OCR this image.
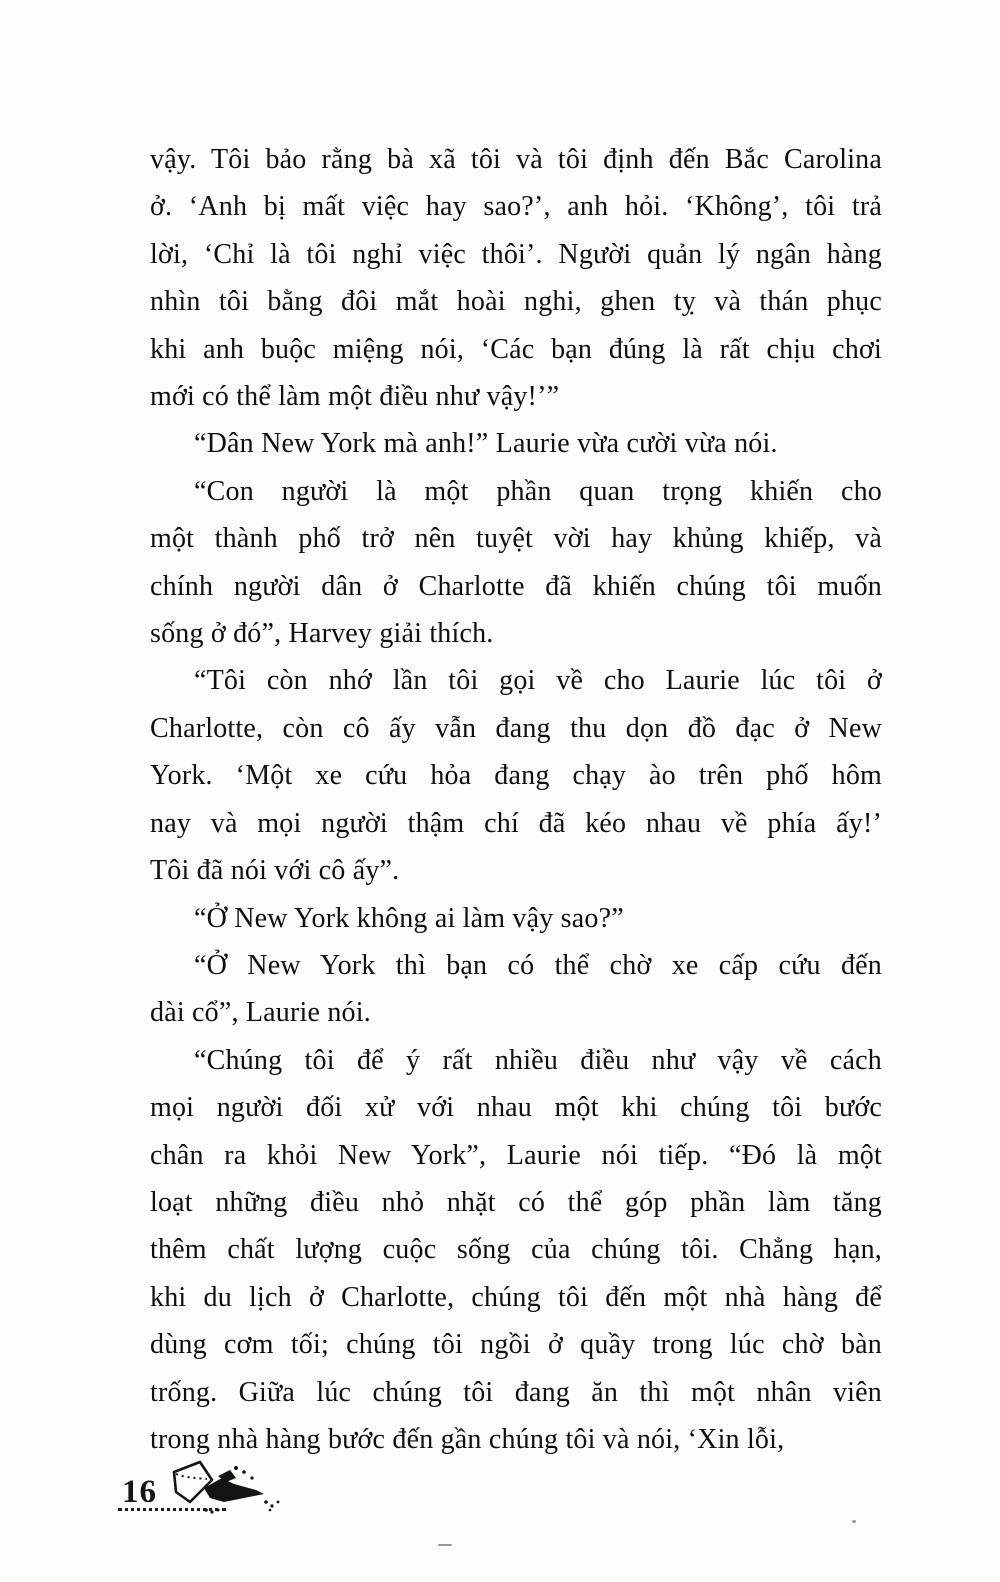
vậy. Tôi bảo rằng bà xã tôi và tôi định đến Bắc Carolina
ở. ‘Anh bị mất việc hay sao?’, anh hỏi. ‘Không’, tôi trả
lời, ‘Chỉ là tôi nghỉ việc thôi’. Người quản lý ngân hàng
nhìn tôi bằng đôi mắt hoài nghi, ghen tỵ và thán phục
khi anh buộc miệng nói, ‘Các bạn đúng là rất chịu chơi
mới có thể làm một điều như vậy!’”
“Dân New York mà anh!” Laurie vừa cười vừa nói.
“Con người là một phần quan trọng khiến cho
một thành phố trở nên tuyệt vời hay khủng khiếp, và
chính người dân ở Charlotte đã khiến chúng tôi muốn
sống ở đó”, Harvey giải thích.
“Tôi còn nhớ lần tôi gọi về cho Laurie lúc tôi ở
Charlotte, còn cô ấy vẫn đang thu dọn đồ đạc ở New
York. ‘Một xe cứu hỏa đang chạy ào trên phố hôm
nay và mọi người thậm chí đã kéo nhau về phía ấy!’
Tôi đã nói với cô ấy”.
“Ở New York không ai làm vậy sao?”
“Ở New York thì bạn có thể chờ xe cấp cứu đến
dài cổ”, Laurie nói.
“Chúng tôi để ý rất nhiều điều như vậy về cách
mọi người đối xử với nhau một khi chúng tôi bước
chân ra khỏi New York”, Laurie nói tiếp. “Đó là một
loạt những điều nhỏ nhặt có thể góp phần làm tăng
thêm chất lượng cuộc sống của chúng tôi. Chẳng hạn,
khi du lịch ở Charlotte, chúng tôi đến một nhà hàng để
dùng cơm tối; chúng tôi ngồi ở quầy trong lúc chờ bàn
trống. Giữa lúc chúng tôi đang ăn thì một nhân viên
trong nhà hàng bước đến gần chúng tôi và nói, ‘Xin lỗi,
16
